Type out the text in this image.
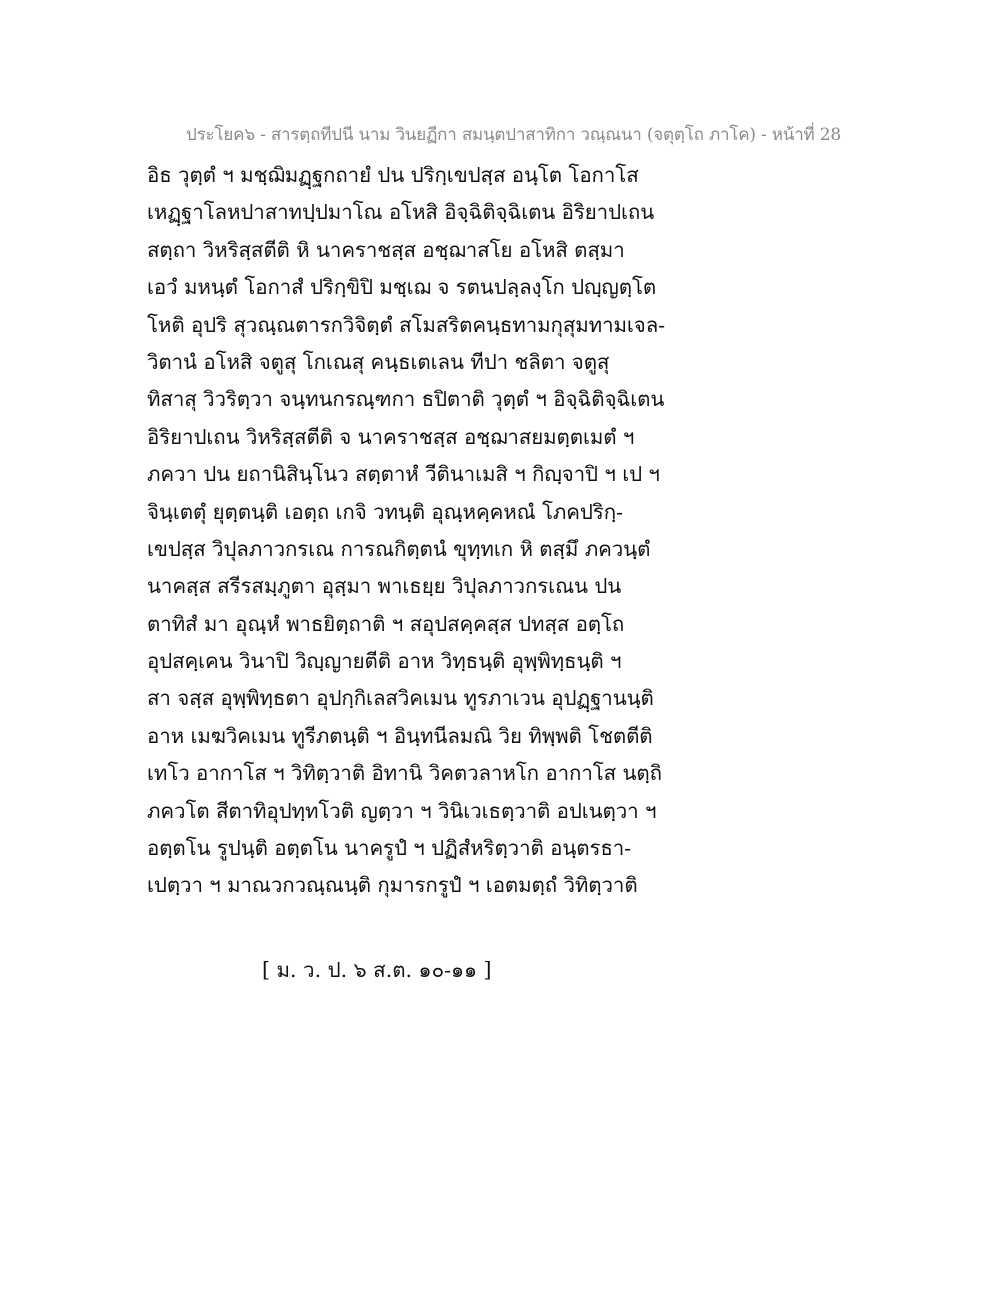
ประโยค๖ - สารตฺถทีปนี นาม วินยฏีกา สมนฺตปาสาทิกา วณฺณนา (จตุตฺโถ ภาโค) - หน้าที่ 28
อิธ วุตฺตํ ฯ มชฺฌิมฏฺฐกถายํ ปน ปริกฺเขปสฺส อนฺโต โอกาโส
เหฏฺฐาโลหปาสาทปฺปมาโณ อโหสิ อิจฺฉิติจฺฉิเตน อิริยาปเถน
สตฺถา วิหริสฺสตีติ หิ นาคราชสฺส อชฺฌาสโย อโหสิ ตสฺมา
เอวํ มหนฺตํ โอกาสํ ปริกฺขิปิ มชฺเฌ จ รตนปลฺลงฺโก ปญฺญตฺโต
โหติ อุปริ สุวณฺณตารกวิจิตฺตํ สโมสริตคนฺธทามกุสุมทามเจล-
วิตานํ อโหสิ จตูสุ โกเณสุ คนฺธเตเลน ทีปา ชลิตา จตูสุ
ทิสาสุ วิวริตฺวา จนฺทนกรณฺฑกา ธปิตาติ วุตฺตํ ฯ อิจฺฉิติจฺฉิเตน
อิริยาปเถน วิหริสฺสตีติ จ นาคราชสฺส อชฺฌาสยมตฺตเมตํ ฯ
ภควา ปน ยถานิสินฺโนว สตฺตาหํ วีตินาเมสิ ฯ กิญฺจาปิ ฯ เป ฯ
จินฺเตตุํ ยุตฺตนฺติ เอตฺถ เกจิ วทนฺติ อุณฺหคฺคหณํ โภคปริกฺ-
เขปสฺส วิปุลภาวกรเณ การณกิตฺตนํ ขุทฺทเก หิ ตสฺมึ ภควนฺตํ
นาคสฺส สรีรสมฺภูตา อุสฺมา พาเธยฺย วิปุลภาวกรเณน ปน
ตาทิสํ มา อุณฺหํ พาธยิตฺถาติ ฯ สอุปสคฺคสฺส ปทสฺส อตฺโถ
อุปสคฺเคน วินาปิ วิญฺญายตีติ อาห วิทฺธนฺติ อุพฺพิทฺธนฺติ ฯ
สา จสฺส อุพฺพิทฺธตา อุปกฺกิเลสวิคเมน ทูรภาเวน อุปฏฺฐานนฺติ
อาห เมฆวิคเมน ทูรีภตนฺติ ฯ อินฺทนีลมณิ วิย ทิพฺพติ โชตตีติ
เทโว อากาโส ฯ วิทิตฺวาติ อิทานิ วิคตวลาหโก อากาโส นตฺถิ
ภควโต สีตาทิอุปทฺทโวติ ญตฺวา ฯ วินิเวเธตฺวาติ อปเนตฺวา ฯ
อตฺตโน รูปนฺติ อตฺตโน นาครูปํ ฯ ปฏิสํหริตฺวาติ อนฺตรธา-
เปตฺวา ฯ มาณวกวณฺณนฺติ กุมารกรูปํ ฯ เอตมตฺถํ วิทิตฺวาติ
[ ม. ว. ป. ๖ ส.ต. ๑๐-๑๑ ]
